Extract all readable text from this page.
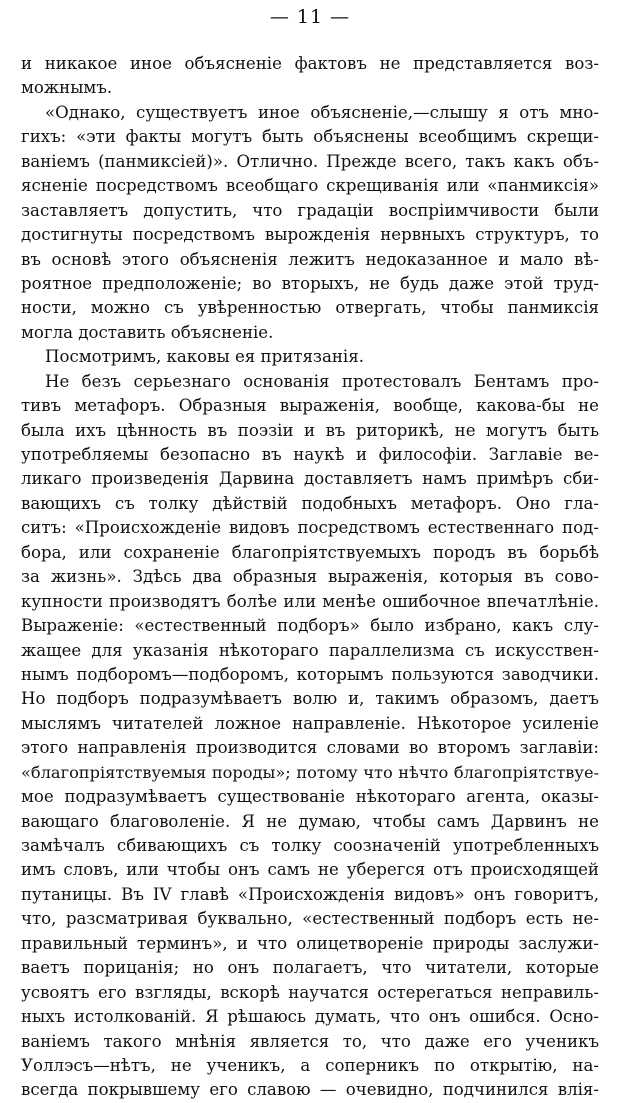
— 11 —
и никакое иное объясненіе фактовъ не представляется воз-
можнымъ.
«Однако, существуетъ иное объясненіе,—слышу я отъ мно-
гихъ: «эти факты могутъ быть объяснены всеобщимъ скрещи-
ваніемъ (панмиксіей)». Отлично. Прежде всего, такъ какъ объ-
ясненіе посредствомъ всеобщаго скрещиванія или «панмиксія»
заставляетъ допустить, что градаціи воспріимчивости были
достигнуты посредствомъ вырожденія нервныхъ структуръ, то
въ основѣ этого объясненія лежитъ недоказанное и мало вѣ-
роятное предположеніе; во вторыхъ, не будь даже этой труд-
ности, можно съ увѣренностью отвергать, чтобы панмиксія
могла доставить объясненіе.
Посмотримъ, каковы ея притязанія.
Не безъ серьезнаго основанія протестовалъ Бентамъ про-
тивъ метафоръ. Образныя выраженія, вообще, какова-бы не
была ихъ цѣнность въ поэзіи и въ риторикѣ, не могутъ быть
употребляемы безопасно въ наукѣ и философіи. Заглавіе ве-
ликаго произведенія Дарвина доставляетъ намъ примѣръ сби-
вающихъ съ толку дѣйствій подобныхъ метафоръ. Оно гла-
ситъ: «Происхожденіе видовъ посредствомъ естественнаго под-
бора, или сохраненіе благопріятствуемыхъ породъ въ борьбѣ
за жизнь». Здѣсь два образныя выраженія, которыя въ сово-
купности производятъ болѣе или менѣе ошибочное впечатлѣніе.
Выраженіе: «естественный подборъ» было избрано, какъ слу-
жащее для указанія нѣкотораго параллелизма съ искусствен-
нымъ подборомъ—подборомъ, которымъ пользуются заводчики.
Но подборъ подразумѣваетъ волю и, такимъ образомъ, даетъ
мыслямъ читателей ложное направленіе. Нѣкоторое усиленіе
этого направленія производится словами во второмъ заглавіи:
«благопріятствуемыя породы»; потому что нѣчто благопріятствуе-
мое подразумѣваетъ существованіе нѣкотораго агента, оказы-
вающаго благоволеніе. Я не думаю, чтобы самъ Дарвинъ не
замѣчалъ сбивающихъ съ толку соозначеній употребленныхъ
имъ словъ, или чтобы онъ самъ не уберегся отъ происходящей
путаницы. Въ IV главѣ «Происхожденія видовъ» онъ говоритъ,
что, разсматривая буквально, «естественный подборъ есть не-
правильный терминъ», и что олицетвореніе природы заслужи-
ваетъ порицанія; но онъ полагаетъ, что читатели, которые
усвоятъ его взгляды, вскорѣ научатся остерегаться неправиль-
ныхъ истолкованій. Я рѣшаюсь думать, что онъ ошибся. Осно-
ваніемъ такого мнѣнія является то, что даже его ученикъ
Уоллэсъ—нѣтъ, не ученикъ, а соперникъ по открытію, на-
всегда покрывшему его славою — очевидно, подчинился влія-
